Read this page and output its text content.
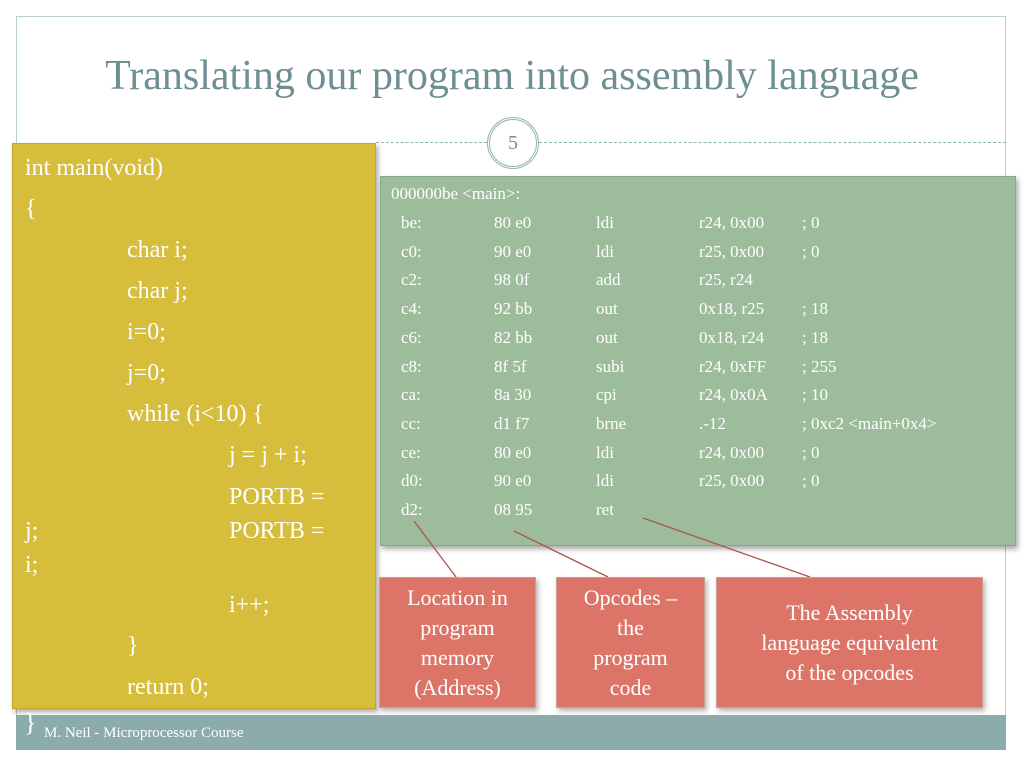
Translating our program into assembly language
5

int main(void)

{

char i;

char j;

i=0;

j=0;

while (i<10) {

j = j + i;

PORTB =

j;	PORTB =

i;

i++;

}

return 0;

000000be <main>:

be:	80 e0	ldi	r24, 0x00 ; 0

c0:	90 e0	ldi	r25, 0x00 ; 0

c2:	98 0f	add	r25, r24

c4:	92 bb	out	0x18, r25 ; 18

c6:	82 bb	out	0x18, r24 ; 18

c8:	8f 5f	subi	r24, 0xFF ; 255

ca:	8a 30	cpi	r24, 0x0A ; 10

cc:	d1 f7	brne	.-12	; 0xc2 <main+0x4>

ce:	80 e0	ldi	r24, 0x00 ; 0

d0:	90 e0	ldi	r25, 0x00 ; 0

d2:	08 95	ret

Location in
program
memory
(Address)
Opcodes –
the
program
code
The Assembly
language equivalent
of the opcodes

} M. Neil - Microprocessor Course
